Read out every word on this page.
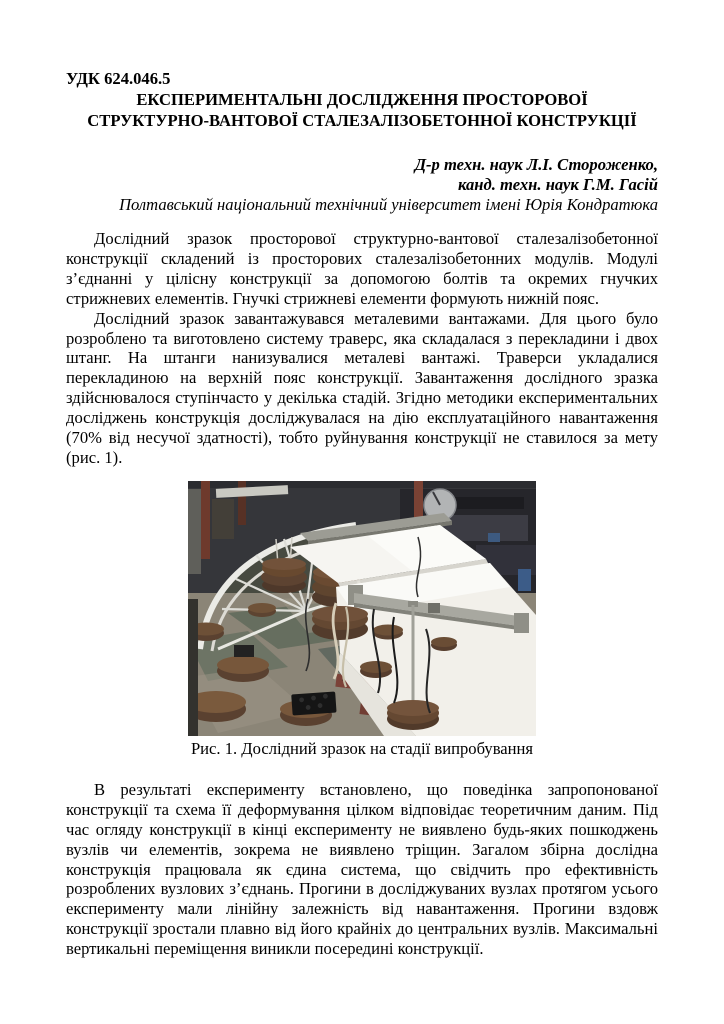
УДК 624.046.5
ЕКСПЕРИМЕНТАЛЬНІ ДОСЛІДЖЕННЯ ПРОСТОРОВОЇ
СТРУКТУРНО-ВАНТОВОЇ СТАЛЕЗАЛІЗОБЕТОННОЇ КОНСТРУКЦІЇ
Д-р техн. наук Л.І. Стороженко,
канд. техн. наук Г.М. Гасій
Полтавський національний технічний університет імені Юрія Кондратюка

Дослідний зразок просторової структурно-вантової сталезалізобетонної конструкції складений із просторових сталезалізобетонних модулів. Модулі з’єднанні у цілісну конструкції за допомогою болтів та окремих гнучких стрижневих елементів. Гнучкі стрижневі елементи формують нижній пояс.

Дослідний зразок завантажувався металевими вантажами. Для цього було розроблено та виготовлено систему траверс, яка складалася з перекладини і двох штанг. На штанги нанизувалися металеві вантажі. Траверси укладалися перекладиною на верхній пояс конструкції. Завантаження дослідного зразка здійснювалося ступінчасто у декілька стадій. Згідно методики експериментальних досліджень конструкція досліджувалася на дію експлуатаційного навантаження (70% від несучої здатності), тобто руйнування конструкції не ставилося за мету (рис. 1).

Рис. 1. Дослідний зразок на стадії випробування

В результаті експерименту встановлено, що поведінка запропонованої конструкції та схема її деформування цілком відповідає теоретичним даним. Під час огляду конструкції в кінці експерименту не виявлено будь-яких пошкоджень вузлів чи елементів, зокрема не виявлено тріщин. Загалом збірна дослідна конструкція працювала як єдина система, що свідчить про ефективність розроблених вузлових з’єднань. Прогини в досліджуваних вузлах протягом усього експерименту мали лінійну залежність від навантаження. Прогини вздовж конструкції зростали плавно від його крайніх до центральних вузлів. Максимальні вертикальні переміщення виникли посередині конструкції.
